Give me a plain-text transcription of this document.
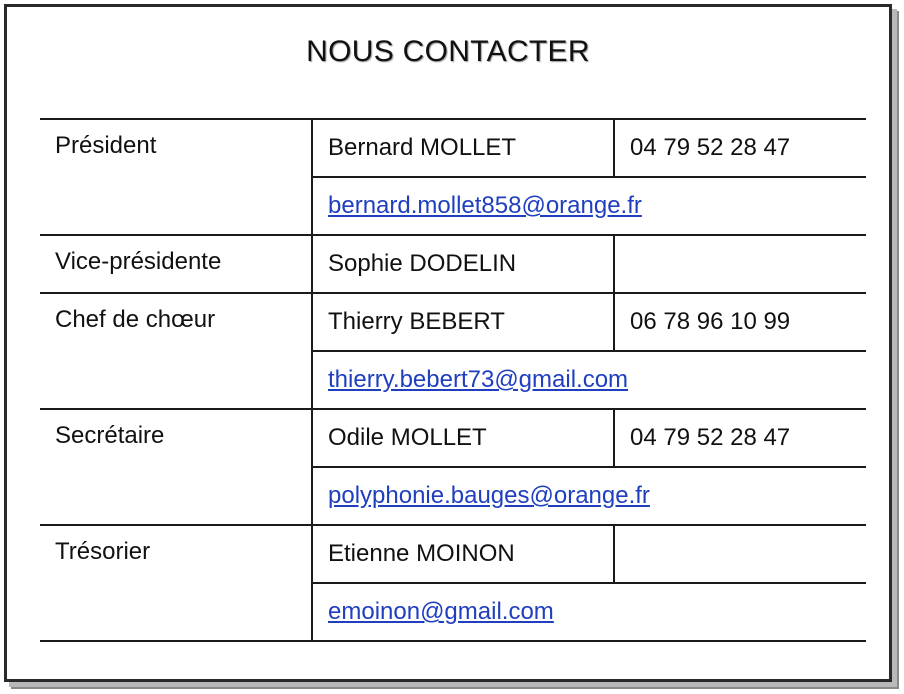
NOUS CONTACTER
Président	Bernard MOLLET	04 79 52 28 47
	bernard.mollet858@orange.fr	
Vice-présidente	Sophie DODELIN	
Chef de chœur	Thierry BEBERT	06 78 96 10 99
	thierry.bebert73@gmail.com	
Secrétaire	Odile MOLLET	04 79 52 28 47
	polyphonie.bauges@orange.fr	
Trésorier	Etienne MOINON	
	emoinon@gmail.com	
